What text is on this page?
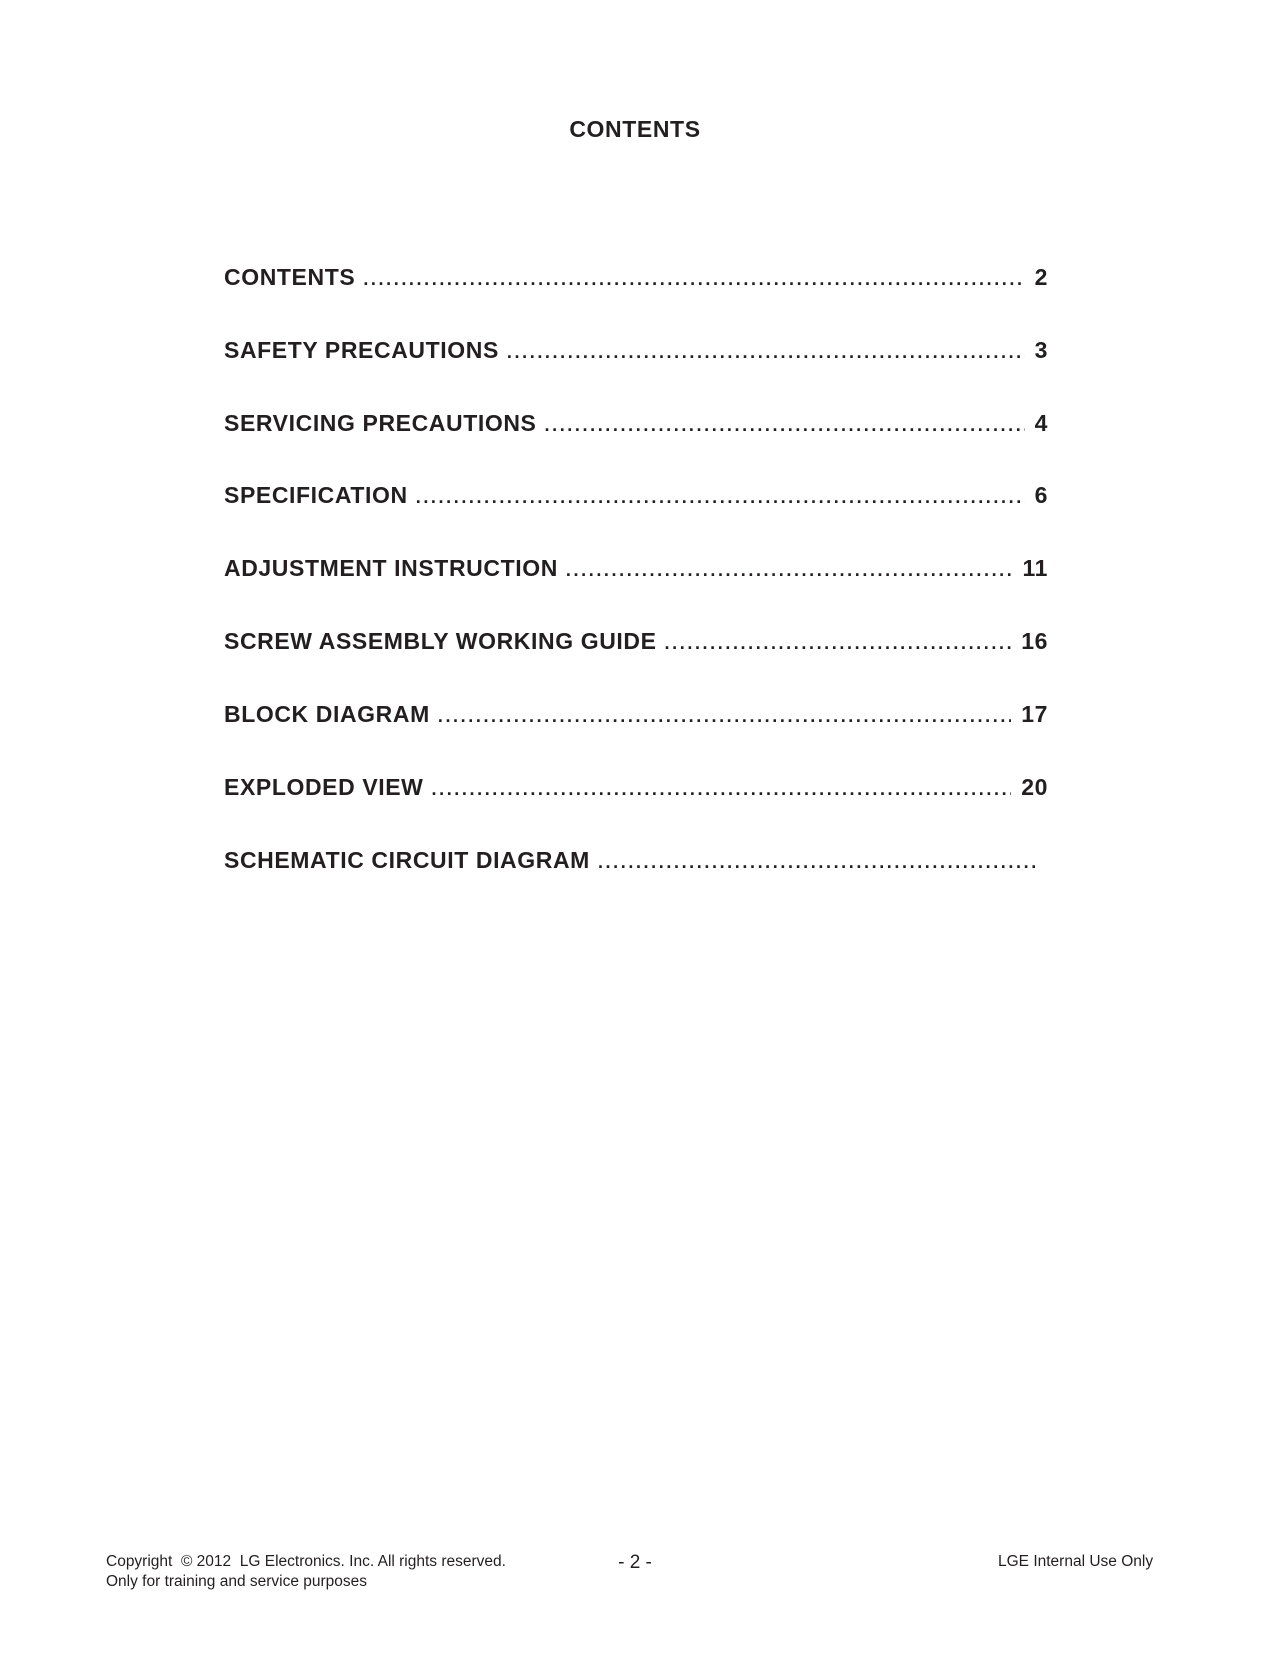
CONTENTS
CONTENTS .....	2
SAFETY PRECAUTIONS .....	3
SERVICING PRECAUTIONS .....	4
SPECIFICATION .....	6
ADJUSTMENT INSTRUCTION .....	11
SCREW ASSEMBLY WORKING GUIDE .....	16
BLOCK DIAGRAM .....	17
EXPLODED VIEW .....	20
SCHEMATIC CIRCUIT DIAGRAM
.....
Copyright  © 2012  LG Electronics. Inc. All rights reserved.
Only for training and service purposes
- 2 -	LGE Internal Use Only
